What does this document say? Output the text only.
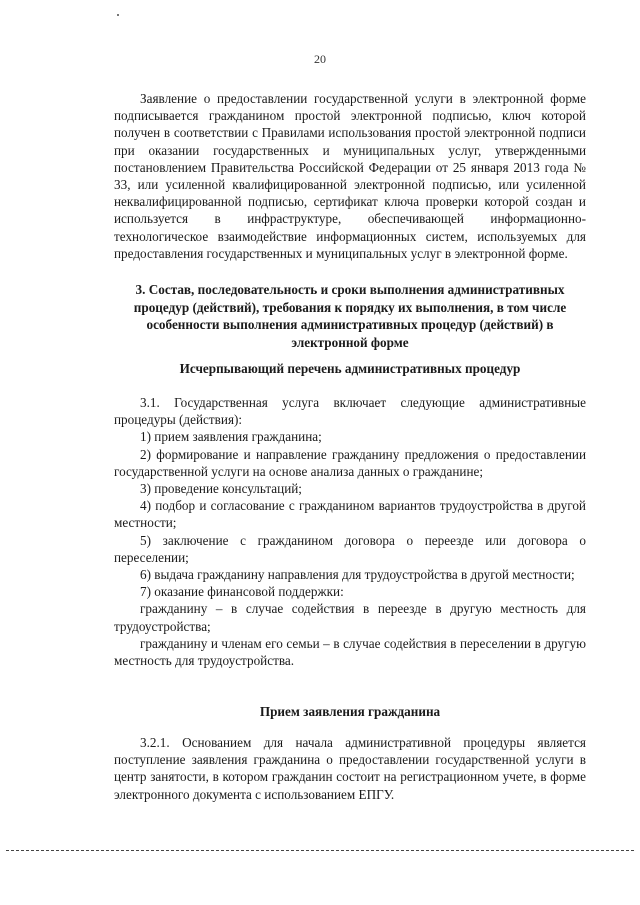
20

Заявление о предоставлении государственной услуги в электронной форме подписывается гражданином простой электронной подписью, ключ которой получен в соответствии с Правилами использования простой электронной подписи при оказании государственных и муниципальных услуг, утвержденными постановлением Правительства Российской Федерации от 25 января 2013 года № 33, или усиленной квалифицированной электронной подписью, или усиленной неквалифицированной подписью, сертификат ключа проверки которой создан и используется в инфраструктуре, обеспечивающей информационно-технологическое взаимодействие информационных систем, используемых для предоставления государственных и муниципальных услуг в электронной форме.

3. Состав, последовательность и сроки выполнения административных процедур (действий), требования к порядку их выполнения, в том числе особенности выполнения административных процедур (действий) в электронной форме
Исчерпывающий перечень административных процедур

3.1. Государственная услуга включает следующие административные процедуры (действия):

1) прием заявления гражданина;

2) формирование и направление гражданину предложения о предоставлении государственной услуги на основе анализа данных о гражданине;

3) проведение консультаций;

4) подбор и согласование с гражданином вариантов трудоустройства в другой местности;

5) заключение с гражданином договора о переезде или договора о переселении;

6) выдача гражданину направления для трудоустройства в другой местности;

7) оказание финансовой поддержки:

гражданину – в случае содействия в переезде в другую местность для трудоустройства;

гражданину и членам его семьи – в случае содействия в переселении в другую местность для трудоустройства.

Прием заявления гражданина

3.2.1. Основанием для начала административной процедуры является поступление заявления гражданина о предоставлении государственной услуги в центр занятости, в котором гражданин состоит на регистрационном учете, в форме электронного документа с использованием ЕПГУ.
